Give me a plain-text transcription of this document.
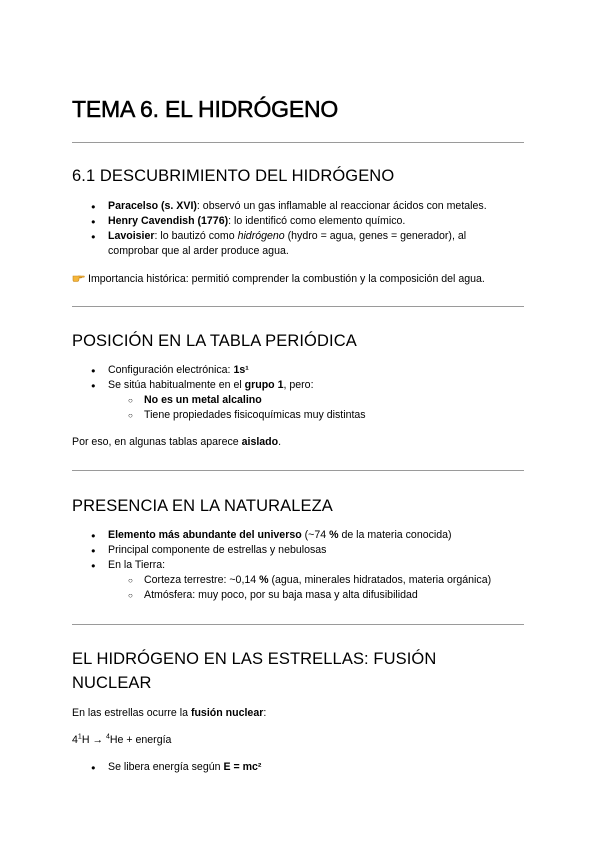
TEMA 6. EL HIDRÓGENO
6.1 DESCUBRIMIENTO DEL HIDRÓGENO
● Paracelso (s. XVI): observó un gas inflamable al reaccionar ácidos con metales.
● Henry Cavendish (1776): lo identificó como elemento químico.
● Lavoisier: lo bautizó como hidrógeno (hydro = agua, genes = generador), al
comprobar que al arder produce agua.
Importancia histórica: permitió comprender la combustión y la composición del agua.
POSICIÓN EN LA TABLA PERIÓDICA
● Configuración electrónica: 1s¹
● Se sitúa habitualmente en el grupo 1, pero:
○ No es un metal alcalino
○ Tiene propiedades fisicoquímicas muy distintas
Por eso, en algunas tablas aparece aislado.
PRESENCIA EN LA NATURALEZA
● Elemento más abundante del universo (~74 % de la materia conocida)
● Principal componente de estrellas y nebulosas
● En la Tierra:
○ Corteza terrestre: ~0,14 % (agua, minerales hidratados, materia orgánica)
○ Atmósfera: muy poco, por su baja masa y alta difusibilidad
EL HIDRÓGENO EN LAS ESTRELLAS: FUSIÓN
NUCLEAR
En las estrellas ocurre la fusión nuclear:
$4^1H \to ^4He$ + energía
● Se libera energía según E = mc²
